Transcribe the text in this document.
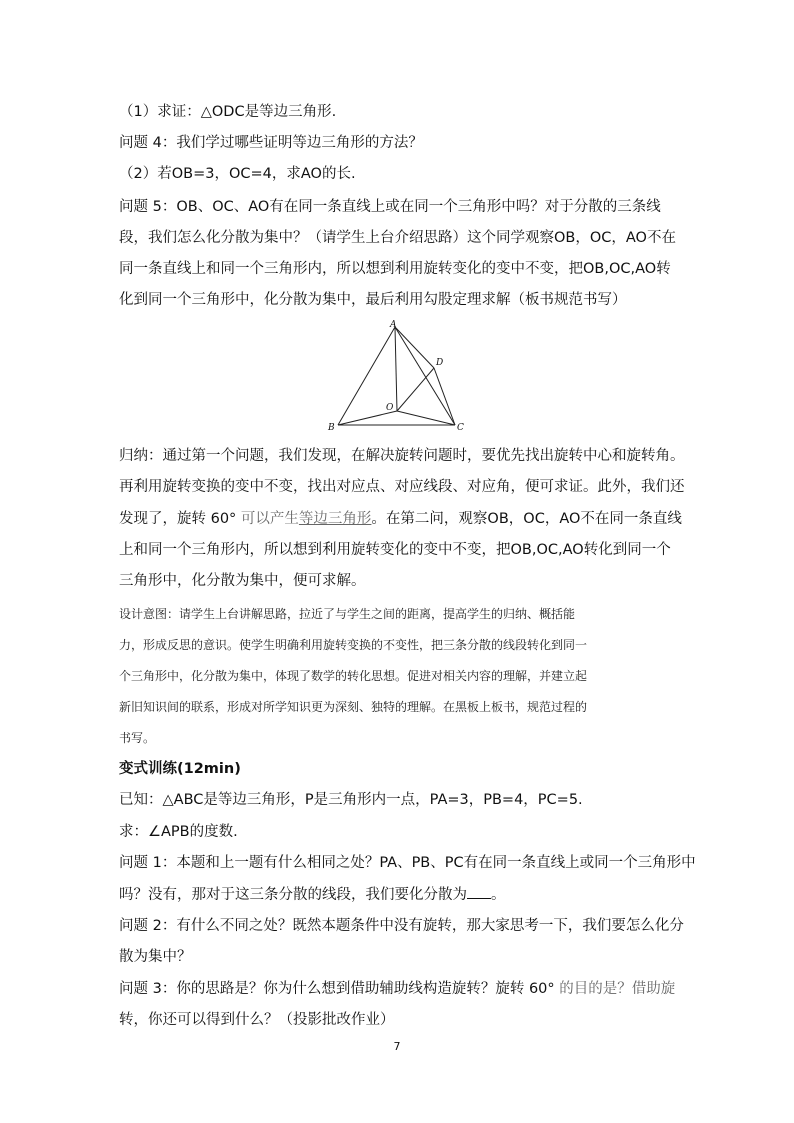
（1）求证：△ODC是等边三角形.
问题 4：我们学过哪些证明等边三角形的方法？
（2）若OB=3，OC=4，求AO的长.
问题 5：OB、OC、AO有在同一条直线上或在同一个三角形中吗？对于分散的三条线
段，我们怎么化分散为集中？（请学生上台介绍思路）这个同学观察OB，OC，AO不在
同一条直线上和同一个三角形内，所以想到利用旋转变化的变中不变，把OB,OC,AO转
化到同一个三角形中，化分散为集中，最后利用勾股定理求解（板书规范书写）
A
B	C
D
O
归纳：通过第一个问题，我们发现，在解决旋转问题时，要优先找出旋转中心和旋转角。
再利用旋转变换的变中不变，找出对应点、对应线段、对应角，便可求证。此外，我们还
发现了，旋转 60° 可以产生等边三角形。在第二问，观察OB，OC，AO不在同一条直线
上和同一个三角形内，所以想到利用旋转变化的变中不变，把OB,OC,AO转化到同一个
三角形中，化分散为集中，便可求解。
设计意图：请学生上台讲解思路，拉近了与学生之间的距离，提高学生的归纳、概括能
力，形成反思的意识。使学生明确利用旋转变换的不变性，把三条分散的线段转化到同一
个三角形中，化分散为集中，体现了数学的转化思想。促进对相关内容的理解，并建立起
新旧知识间的联系，形成对所学知识更为深刻、独特的理解。在黑板上板书，规范过程的
书写。
变式训练(12min)
已知：△ABC是等边三角形，P是三角形内一点，PA=3，PB=4，PC=5.
求：∠APB的度数.
问题 1：本题和上一题有什么相同之处？PA、PB、PC有在同一条直线上或同一个三角形中
吗？没有，那对于这三条分散的线段，我们要化分散为 。
问题 2：有什么不同之处？既然本题条件中没有旋转，那大家思考一下，我们要怎么化分
散为集中？
问题 3：你的思路是？你为什么想到借助辅助线构造旋转？旋转 60° 的目的是？借助旋
转，你还可以得到什么？（投影批改作业）
7
